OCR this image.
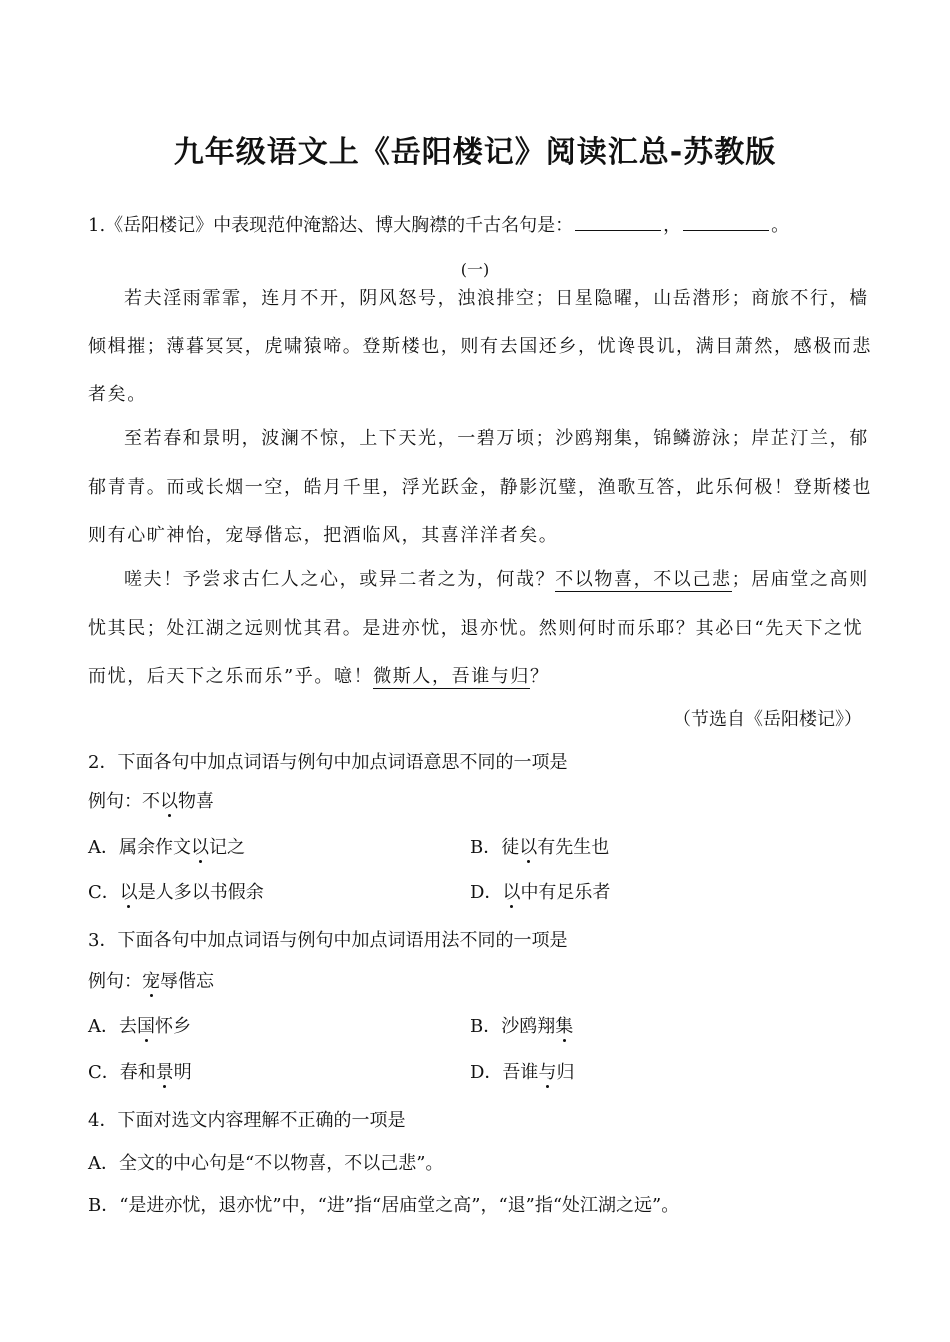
九年级语文上《岳阳楼记》阅读汇总-苏教版
1.《岳阳楼记》中表现范仲淹豁达、博大胸襟的千古名句是：	，	。
(一)
若夫淫雨霏霏，连月不开，阴风怒号，浊浪排空；日星隐曜，山岳潜形；商旅不行，樯
倾楫摧；薄暮冥冥，虎啸猿啼。登斯楼也，则有去国还乡，忧谗畏讥，满目萧然，感极而悲
者矣。
至若春和景明，波澜不惊，上下天光，一碧万顷；沙鸥翔集，锦鳞游泳；岸芷汀兰，郁
郁青青。而或长烟一空，皓月千里，浮光跃金，静影沉璧，渔歌互答，此乐何极！登斯楼也
则有心旷神怡，宠辱偕忘，把酒临风，其喜洋洋者矣。
嗟夫！予尝求古仁人之心，或异二者之为，何哉？不以物喜，不以己悲；居庙堂之高则
忧其民；处江湖之远则忧其君。是进亦忧，退亦忧。然则何时而乐耶？其必曰“先天下之忧
而忧，后天下之乐而乐”乎。噫！微斯人，吾谁与归？
（节选自《岳阳楼记》）
2．下面各句中加点词语与例句中加点词语意思不同的一项是
例句：不以物喜
A．属余作文以记之	B．徒以有先生也
C．以是人多以书假余	D．以中有足乐者
3．下面各句中加点词语与例句中加点词语用法不同的一项是
例句：宠辱偕忘
A．去国怀乡	B．沙鸥翔集
C．春和景明	D．吾谁与归
4．下面对选文内容理解不正确的一项是
A．全文的中心句是“不以物喜，不以己悲”。
B．“是进亦忧，退亦忧”中，“进”指“居庙堂之高”，“退”指“处江湖之远”。
